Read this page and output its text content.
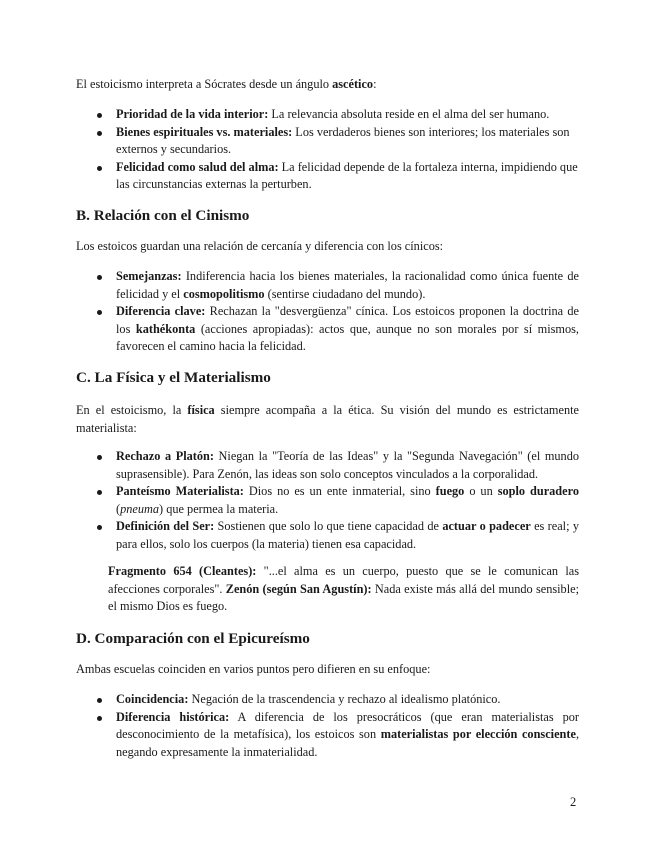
El estoicismo interpreta a Sócrates desde un ángulo ascético:

Prioridad de la vida interior: La relevancia absoluta reside en el alma del ser humano.
Bienes espirituales vs. materiales: Los verdaderos bienes son interiores; los materiales son externos y secundarios.
Felicidad como salud del alma: La felicidad depende de la fortaleza interna, impidiendo que las circunstancias externas la perturben.
B. Relación con el Cinismo

Los estoicos guardan una relación de cercanía y diferencia con los cínicos:

Semejanzas: Indiferencia hacia los bienes materiales, la racionalidad como única fuente de felicidad y el cosmopolitismo (sentirse ciudadano del mundo).
Diferencia clave: Rechazan la "desvergüenza" cínica. Los estoicos proponen la doctrina de los kathékonta (acciones apropiadas): actos que, aunque no son morales por sí mismos, favorecen el camino hacia la felicidad.
C. La Física y el Materialismo

En el estoicismo, la física siempre acompaña a la ética. Su visión del mundo es estrictamente materialista:

Rechazo a Platón: Niegan la "Teoría de las Ideas" y la "Segunda Navegación" (el mundo suprasensible). Para Zenón, las ideas son solo conceptos vinculados a la corporalidad.
Panteísmo Materialista: Dios no es un ente inmaterial, sino fuego o un soplo duradero (pneuma) que permea la materia.
Definición del Ser: Sostienen que solo lo que tiene capacidad de actuar o padecer es real; y para ellos, solo los cuerpos (la materia) tienen esa capacidad.

Fragmento 654 (Cleantes): "...el alma es un cuerpo, puesto que se le comunican las afecciones corporales". Zenón (según San Agustín): Nada existe más allá del mundo sensible; el mismo Dios es fuego.

D. Comparación con el Epicureísmo

Ambas escuelas coinciden en varios puntos pero difieren en su enfoque:

Coincidencia: Negación de la trascendencia y rechazo al idealismo platónico.
Diferencia histórica: A diferencia de los presocráticos (que eran materialistas por desconocimiento de la metafísica), los estoicos son materialistas por elección consciente, negando expresamente la inmaterialidad.
2
